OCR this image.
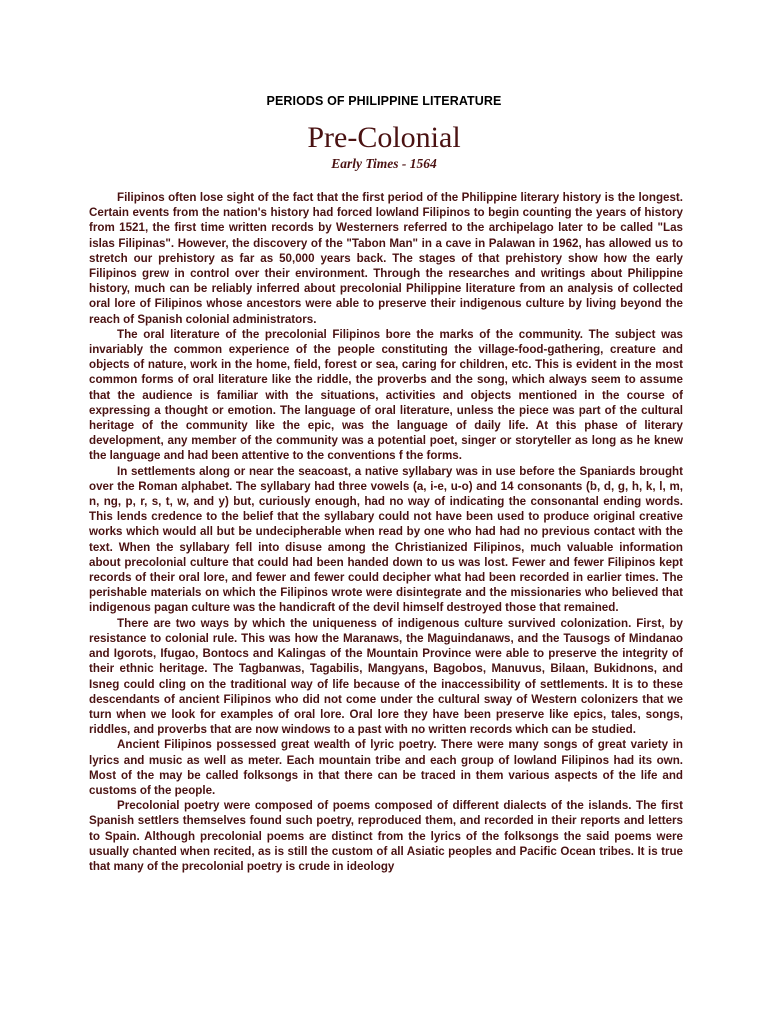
PERIODS OF PHILIPPINE LITERATURE
Pre-Colonial
Early Times - 1564

Filipinos often lose sight of the fact that the first period of the Philippine literary history is the longest. Certain events from the nation's history had forced lowland Filipinos to begin counting the years of history from 1521, the first time written records by Westerners referred to the archipelago later to be called "Las islas Filipinas". However, the discovery of the "Tabon Man" in a cave in Palawan in 1962, has allowed us to stretch our prehistory as far as 50,000 years back. The stages of that prehistory show how the early Filipinos grew in control over their environment. Through the researches and writings about Philippine history, much can be reliably inferred about precolonial Philippine literature from an analysis of collected oral lore of Filipinos whose ancestors were able to preserve their indigenous culture by living beyond the reach of Spanish colonial administrators.

The oral literature of the precolonial Filipinos bore the marks of the community. The subject was invariably the common experience of the people constituting the village-food-gathering, creature and objects of nature, work in the home, field, forest or sea, caring for children, etc. This is evident in the most common forms of oral literature like the riddle, the proverbs and the song, which always seem to assume that the audience is familiar with the situations, activities and objects mentioned in the course of expressing a thought or emotion. The language of oral literature, unless the piece was part of the cultural heritage of the community like the epic, was the language of daily life. At this phase of literary development, any member of the community was a potential poet, singer or storyteller as long as he knew the language and had been attentive to the conventions f the forms.

In settlements along or near the seacoast, a native syllabary was in use before the Spaniards brought over the Roman alphabet. The syllabary had three vowels (a, i-e, u-o) and 14 consonants (b, d, g, h, k, l, m, n, ng, p, r, s, t, w, and y) but, curiously enough, had no way of indicating the consonantal ending words. This lends credence to the belief that the syllabary could not have been used to produce original creative works which would all but be undecipherable when read by one who had had no previous contact with the text. When the syllabary fell into disuse among the Christianized Filipinos, much valuable information about precolonial culture that could had been handed down to us was lost. Fewer and fewer Filipinos kept records of their oral lore, and fewer and fewer could decipher what had been recorded in earlier times. The perishable materials on which the Filipinos wrote were disintegrate and the missionaries who believed that indigenous pagan culture was the handicraft of the devil himself destroyed those that remained.

There are two ways by which the uniqueness of indigenous culture survived colonization. First, by resistance to colonial rule. This was how the Maranaws, the Maguindanaws, and the Tausogs of Mindanao and Igorots, Ifugao, Bontocs and Kalingas of the Mountain Province were able to preserve the integrity of their ethnic heritage. The Tagbanwas, Tagabilis, Mangyans, Bagobos, Manuvus, Bilaan, Bukidnons, and Isneg could cling on the traditional way of life because of the inaccessibility of settlements. It is to these descendants of ancient Filipinos who did not come under the cultural sway of Western colonizers that we turn when we look for examples of oral lore. Oral lore they have been preserve like epics, tales, songs, riddles, and proverbs that are now windows to a past with no written records which can be studied.

Ancient Filipinos possessed great wealth of lyric poetry. There were many songs of great variety in lyrics and music as well as meter. Each mountain tribe and each group of lowland Filipinos had its own. Most of the may be called folksongs in that there can be traced in them various aspects of the life and customs of the people.

Precolonial poetry were composed of poems composed of different dialects of the islands. The first Spanish settlers themselves found such poetry, reproduced them, and recorded in their reports and letters to Spain. Although precolonial poems are distinct from the lyrics of the folksongs the said poems were usually chanted when recited, as is still the custom of all Asiatic peoples and Pacific Ocean tribes. It is true that many of the precolonial poetry is crude in ideology
